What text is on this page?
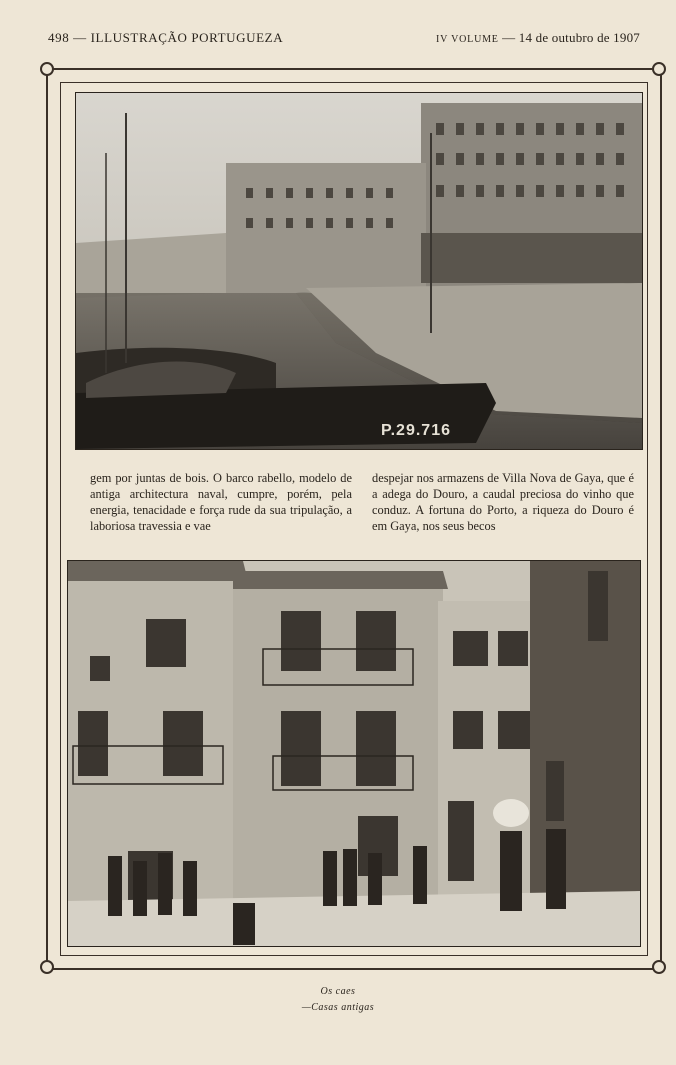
498 — ILLUSTRAÇÃO PORTUGUEZA	IV VOLUME — 14 de outubro de 1907
P.29.716

gem por juntas de bois. O barco rabello, modelo de antiga architectura naval, cumpre, porém, pela energia, tenacidade e força rude da sua tripulação, a laboriosa travessia e vae

despejar nos armazens de Villa Nova de Gaya, que é a adega do Douro, a caudal preciosa do vinho que conduz. A fortuna do Porto, a riqueza do Douro é em Gaya, nos seus becos

Os caes
—Casas antigas
